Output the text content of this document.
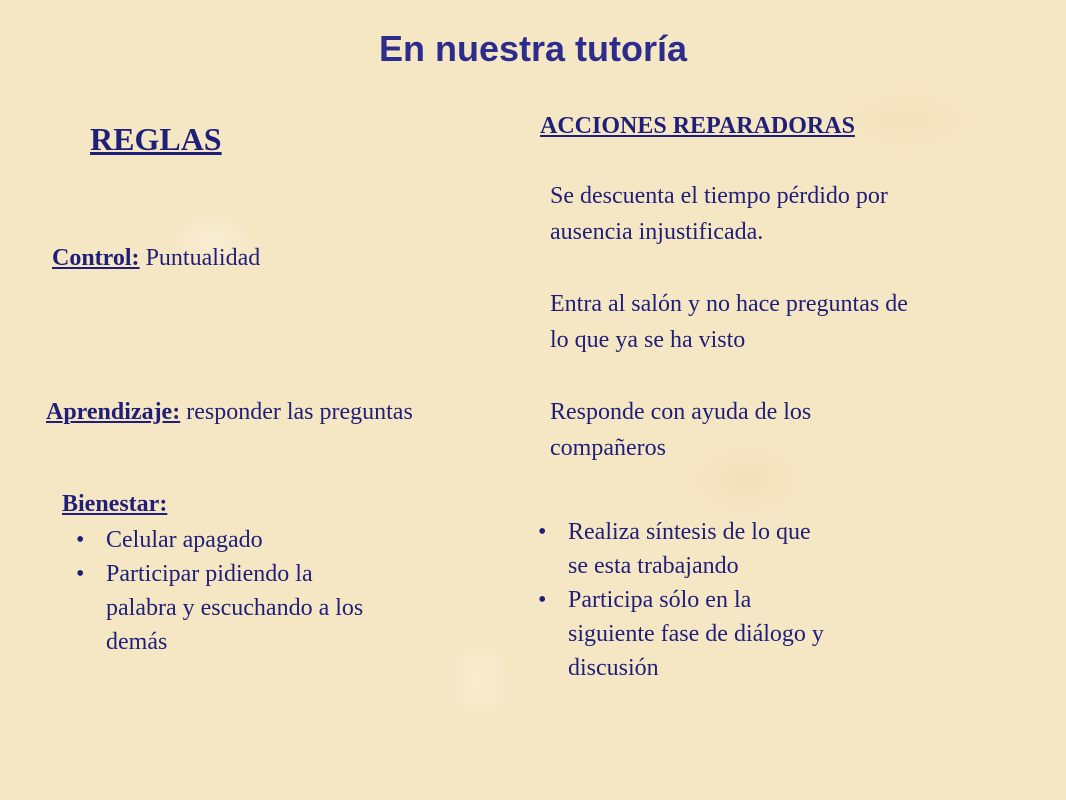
En nuestra tutoría
REGLAS	ACCIONES REPARADORAS
Control: Puntualidad
Se descuenta el tiempo pérdido por
ausencia injustificada.
Entra al salón y no hace preguntas de
lo que ya se ha visto
Aprendizaje: responder las preguntas	Responde con ayuda de los
compañeros
Bienestar:
• Celular apagado
• Participar pidiendo la
palabra y escuchando a los
demás
• Realiza síntesis de lo que
se esta trabajando
• Participa sólo en la
siguiente fase de diálogo y
discusión
